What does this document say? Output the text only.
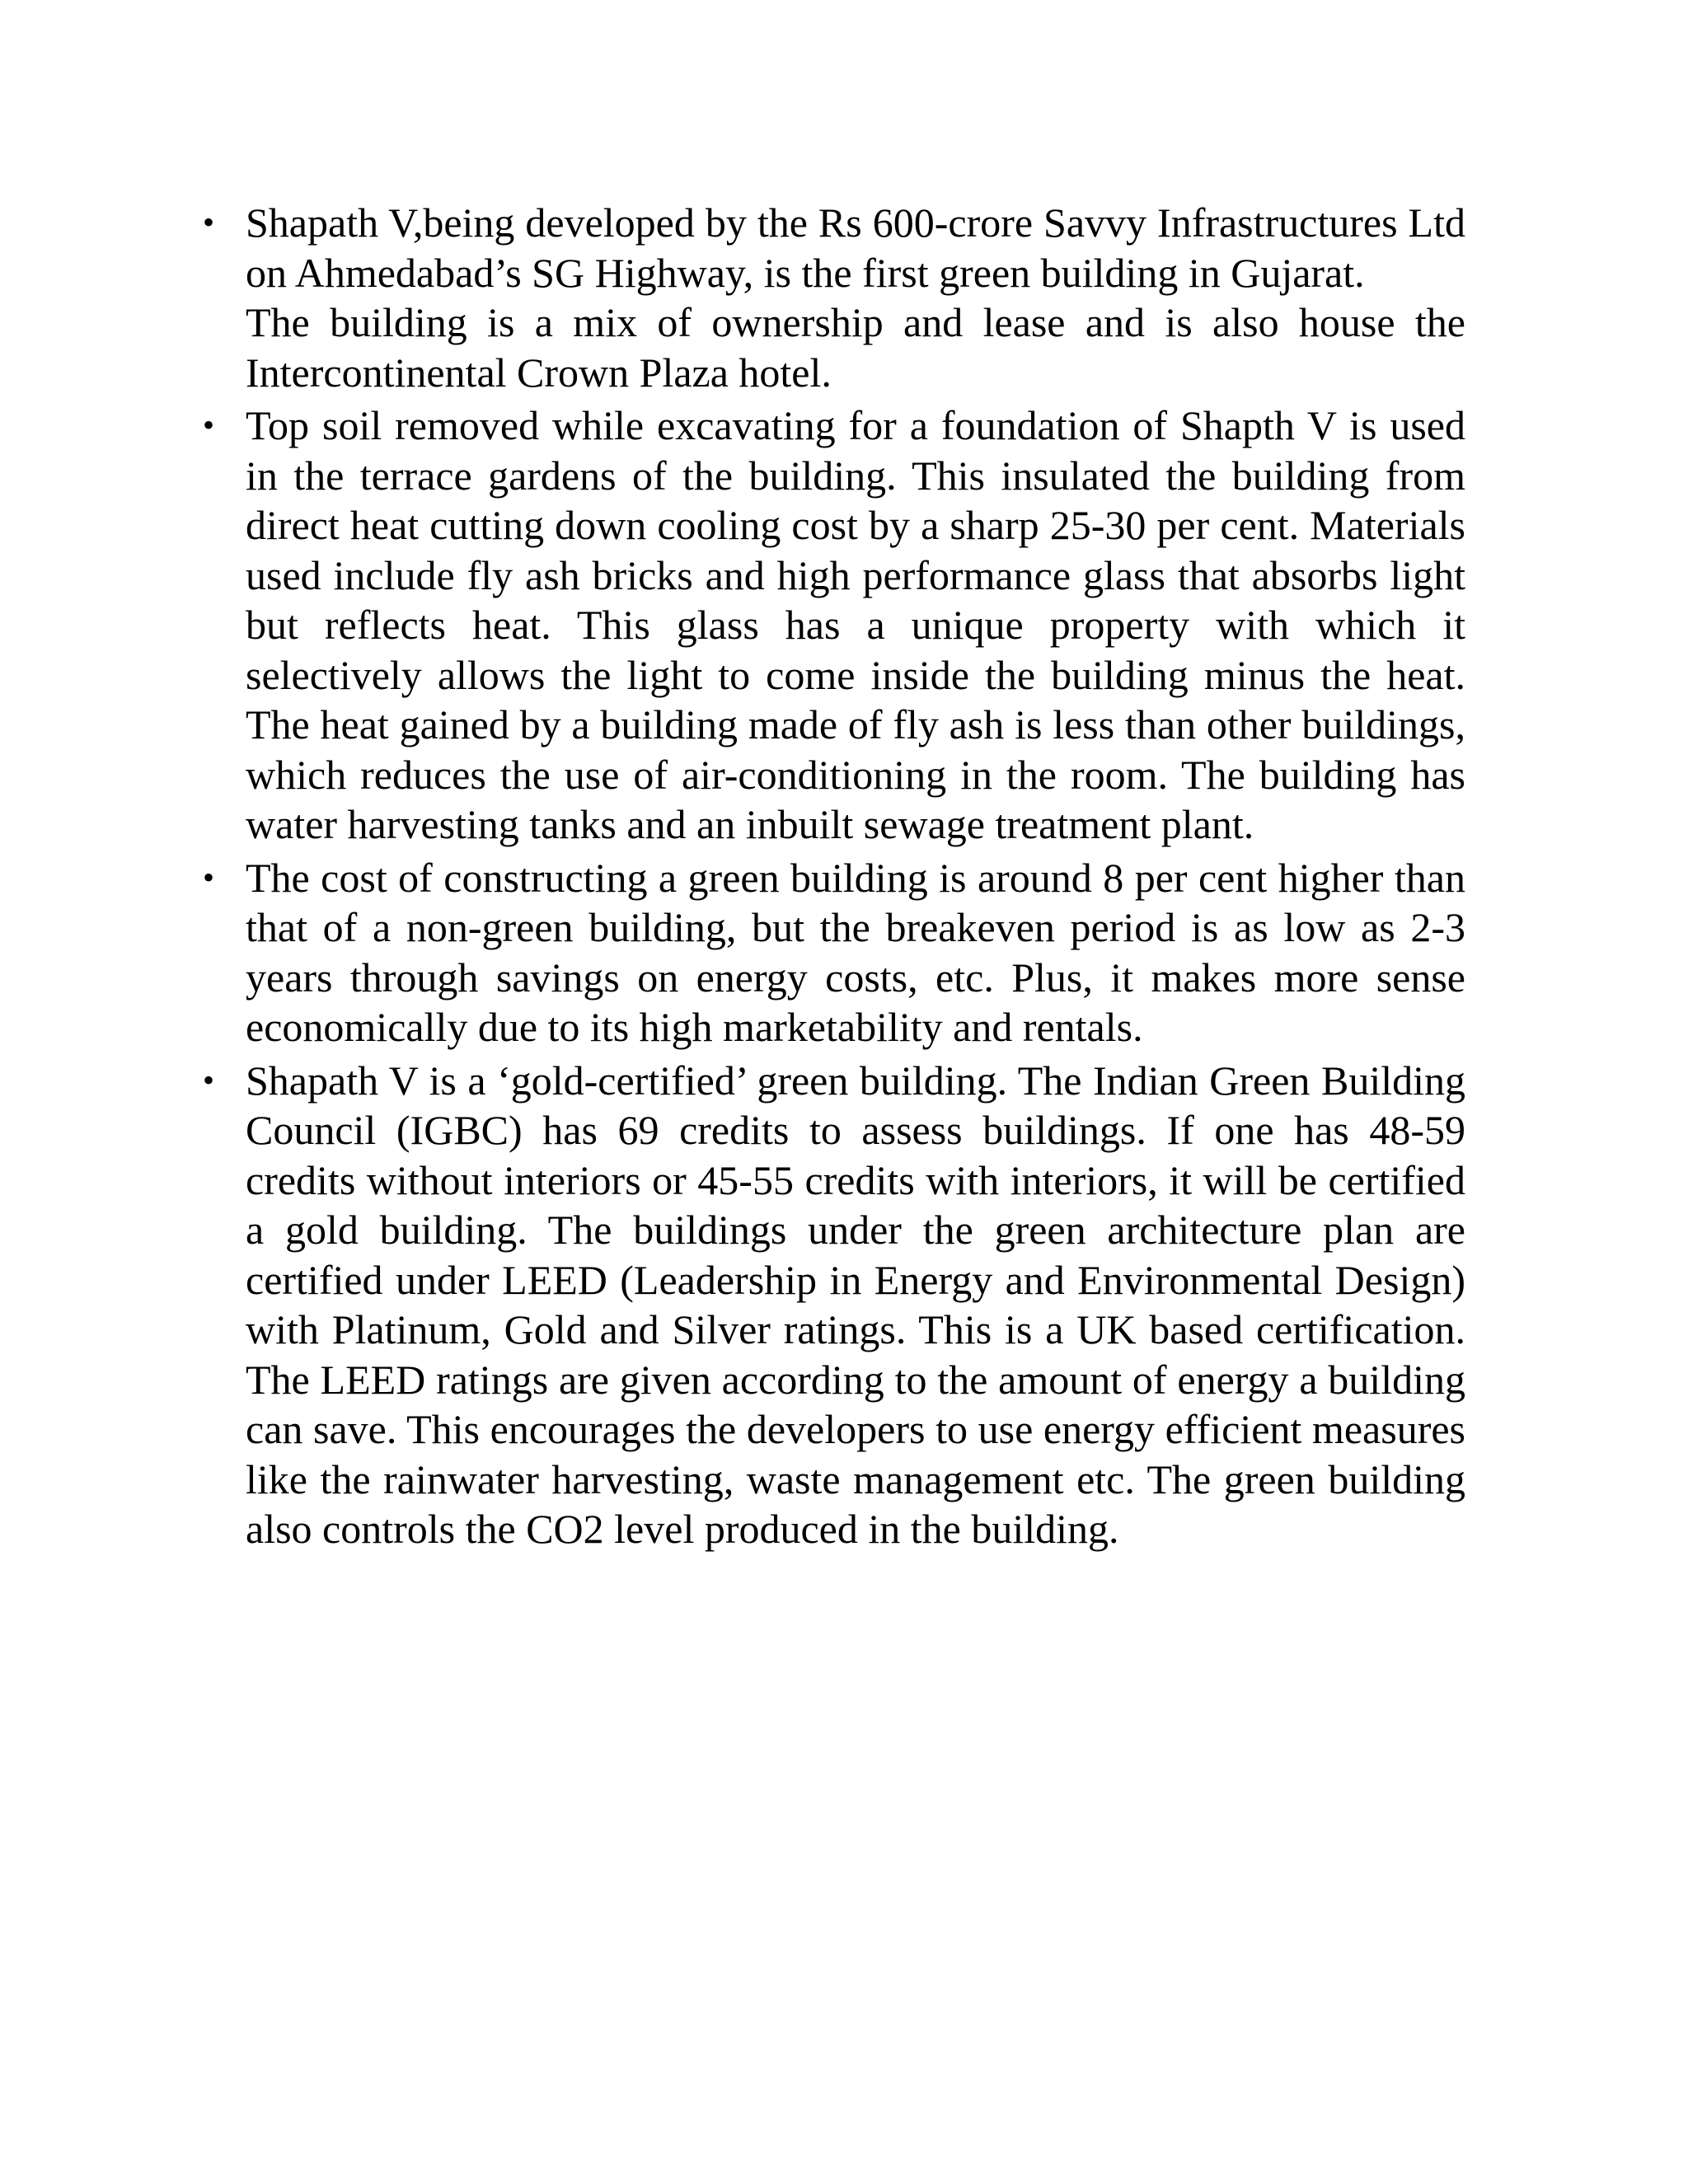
• Shapath V,being developed by the Rs 600-crore Savvy Infrastructures Ltd on Ahmedabad’s SG Highway, is the first green building in Gujarat.

The building is a mix of ownership and lease and is also house the Intercontinental Crown Plaza hotel.

• Top soil removed while excavating for a foundation of Shapth V is used in the terrace gardens of the building. This insulated the building from direct heat cutting down cooling cost by a sharp 25-30 per cent. Materials used include fly ash bricks and high performance glass that absorbs light but reflects heat. This glass has a unique property with which it selectively allows the light to come inside the building minus the heat. The heat gained by a building made of fly ash is less than other buildings, which reduces the use of air-conditioning in the room. The building has water harvesting tanks and an inbuilt sewage treatment plant.

• The cost of constructing a green building is around 8 per cent higher than that of a non-green building, but the breakeven period is as low as 2-3 years through savings on energy costs, etc. Plus, it makes more sense economically due to its high marketability and rentals.

• Shapath V is a ‘gold-certified’ green building. The Indian Green Building Council (IGBC) has 69 credits to assess buildings. If one has 48-59 credits without interiors or 45-55 credits with interiors, it will be certified a gold building. The buildings under the green architecture plan are certified under LEED (Leadership in Energy and Environmental Design) with Platinum, Gold and Silver ratings. This is a UK based certification. The LEED ratings are given according to the amount of energy a building can save. This encourages the developers to use energy efficient measures like the rainwater harvesting, waste management etc. The green building also controls the CO2 level produced in the building.
